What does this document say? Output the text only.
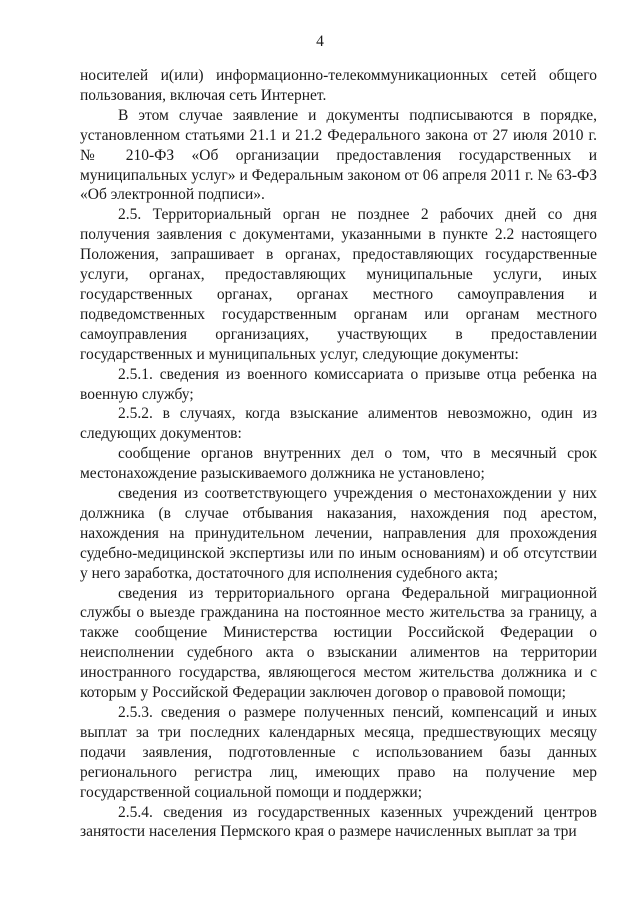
4

носителей и(или) информационно-телекоммуникационных сетей общего пользования, включая сеть Интернет.

В этом случае заявление и документы подписываются в порядке, установленном статьями 21.1 и 21.2 Федерального закона от 27 июля 2010 г. № 210-ФЗ «Об организации предоставления государственных и муниципальных услуг» и Федеральным законом от 06 апреля 2011 г. № 63-ФЗ «Об электронной подписи».

2.5. Территориальный орган не позднее 2 рабочих дней со дня получения заявления с документами, указанными в пункте 2.2 настоящего Положения, запрашивает в органах, предоставляющих государственные услуги, органах, предоставляющих муниципальные услуги, иных государственных органах, органах местного самоуправления и подведомственных государственным органам или органам местного самоуправления организациях, участвующих в предоставлении государственных и муниципальных услуг, следующие документы:

2.5.1. сведения из военного комиссариата о призыве отца ребенка на военную службу;

2.5.2. в случаях, когда взыскание алиментов невозможно, один из следующих документов:

сообщение органов внутренних дел о том, что в месячный срок местонахождение разыскиваемого должника не установлено;

сведения из соответствующего учреждения о местонахождении у них должника (в случае отбывания наказания, нахождения под арестом, нахождения на принудительном лечении, направления для прохождения судебно-медицинской экспертизы или по иным основаниям) и об отсутствии у него заработка, достаточного для исполнения судебного акта;

сведения из территориального органа Федеральной миграционной службы о выезде гражданина на постоянное место жительства за границу, а также сообщение Министерства юстиции Российской Федерации о неисполнении судебного акта о взыскании алиментов на территории иностранного государства, являющегося местом жительства должника и с которым у Российской Федерации заключен договор о правовой помощи;

2.5.3. сведения о размере полученных пенсий, компенсаций и иных выплат за три последних календарных месяца, предшествующих месяцу подачи заявления, подготовленные с использованием базы данных регионального регистра лиц, имеющих право на получение мер государственной социальной помощи и поддержки;

2.5.4. сведения из государственных казенных учреждений центров занятости населения Пермского края о размере начисленных выплат за три
